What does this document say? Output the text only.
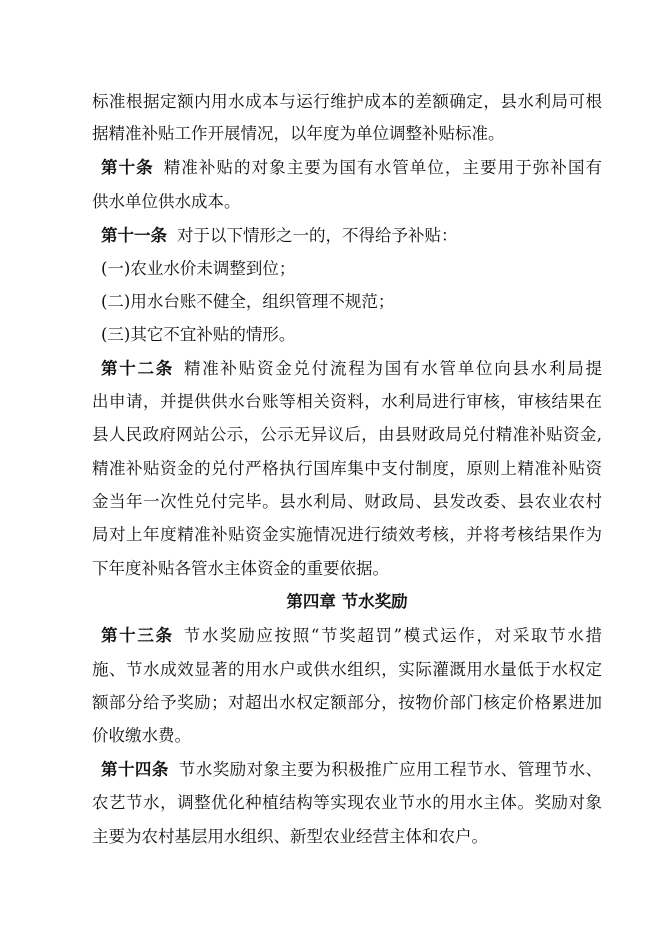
标准根据定额内用水成本与运行维护成本的差额确定，县水利局可根
据精准补贴工作开展情况，以年度为单位调整补贴标准。
第十条 精准补贴的对象主要为国有水管单位，主要用于弥补国有
供水单位供水成本。
第十一条 对于以下情形之一的，不得给予补贴：
(一)农业水价未调整到位；
(二)用水台账不健全，组织管理不规范；
(三)其它不宜补贴的情形。
第十二条 精准补贴资金兑付流程为国有水管单位向县水利局提
出申请，并提供供水台账等相关资料，水利局进行审核，审核结果在
县人民政府网站公示，公示无异议后，由县财政局兑付精准补贴资金,
精准补贴资金的兑付严格执行国库集中支付制度，原则上精准补贴资
金当年一次性兑付完毕。县水利局、财政局、县发改委、县农业农村
局对上年度精准补贴资金实施情况进行绩效考核，并将考核结果作为
下年度补贴各管水主体资金的重要依据。
第四章 节水奖励
第十三条 节水奖励应按照“节奖超罚”模式运作，对采取节水措
施、节水成效显著的用水户或供水组织，实际灌溉用水量低于水权定
额部分给予奖励；对超出水权定额部分，按物价部门核定价格累进加
价收缴水费。
第十四条 节水奖励对象主要为积极推广应用工程节水、管理节水、
农艺节水，调整优化种植结构等实现农业节水的用水主体。奖励对象
主要为农村基层用水组织、新型农业经营主体和农户。
